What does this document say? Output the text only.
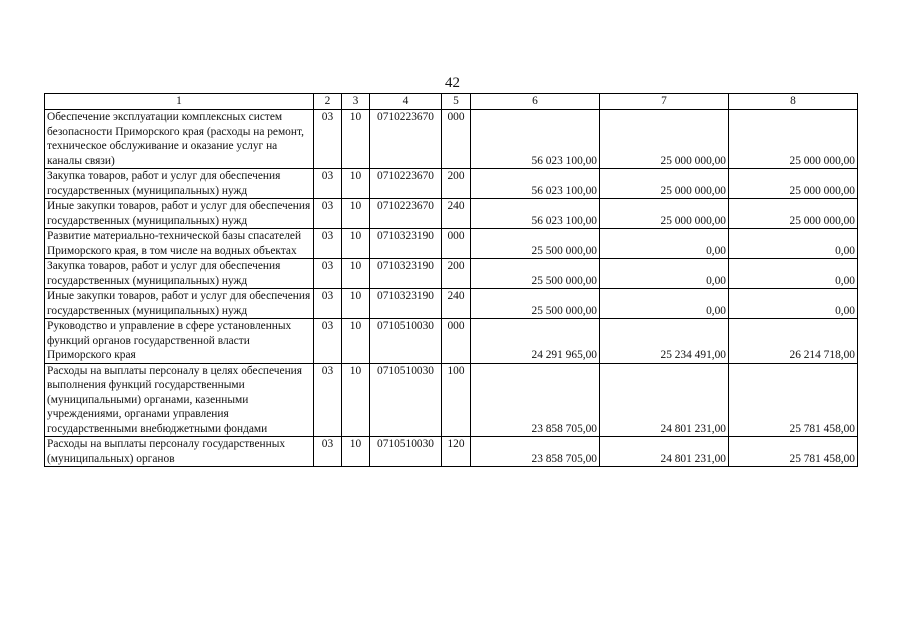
42
1	2	3	4	5	6	7	8
Обеспечение эксплуатации комплексных систем безопасности Приморского края (расходы на ремонт, техническое обслуживание и оказание услуг на каналы связи)	03	10	0710223670	000	56 023 100,00	25 000 000,00	25 000 000,00
Закупка товаров, работ и услуг для обеспечения государственных (муниципальных) нужд	03	10	0710223670	200	56 023 100,00	25 000 000,00	25 000 000,00
Иные закупки товаров, работ и услуг для обеспечения государственных (муниципальных) нужд	03	10	0710223670	240	56 023 100,00	25 000 000,00	25 000 000,00
Развитие материально-технической базы спасателей Приморского края, в том числе на водных объектах	03	10	0710323190	000	25 500 000,00	0,00	0,00
Закупка товаров, работ и услуг для обеспечения государственных (муниципальных) нужд	03	10	0710323190	200	25 500 000,00	0,00	0,00
Иные закупки товаров, работ и услуг для обеспечения государственных (муниципальных) нужд	03	10	0710323190	240	25 500 000,00	0,00	0,00
Руководство и управление в сфере установленных функций органов государственной власти Приморского края	03	10	0710510030	000	24 291 965,00	25 234 491,00	26 214 718,00
Расходы на выплаты персоналу в целях обеспечения выполнения функций государственными (муниципальными) органами, казенными учреждениями, органами управления государственными внебюджетными фондами	03	10	0710510030	100	23 858 705,00	24 801 231,00	25 781 458,00
Расходы на выплаты персоналу государственных (муниципальных) органов	03	10	0710510030	120	23 858 705,00	24 801 231,00	25 781 458,00
